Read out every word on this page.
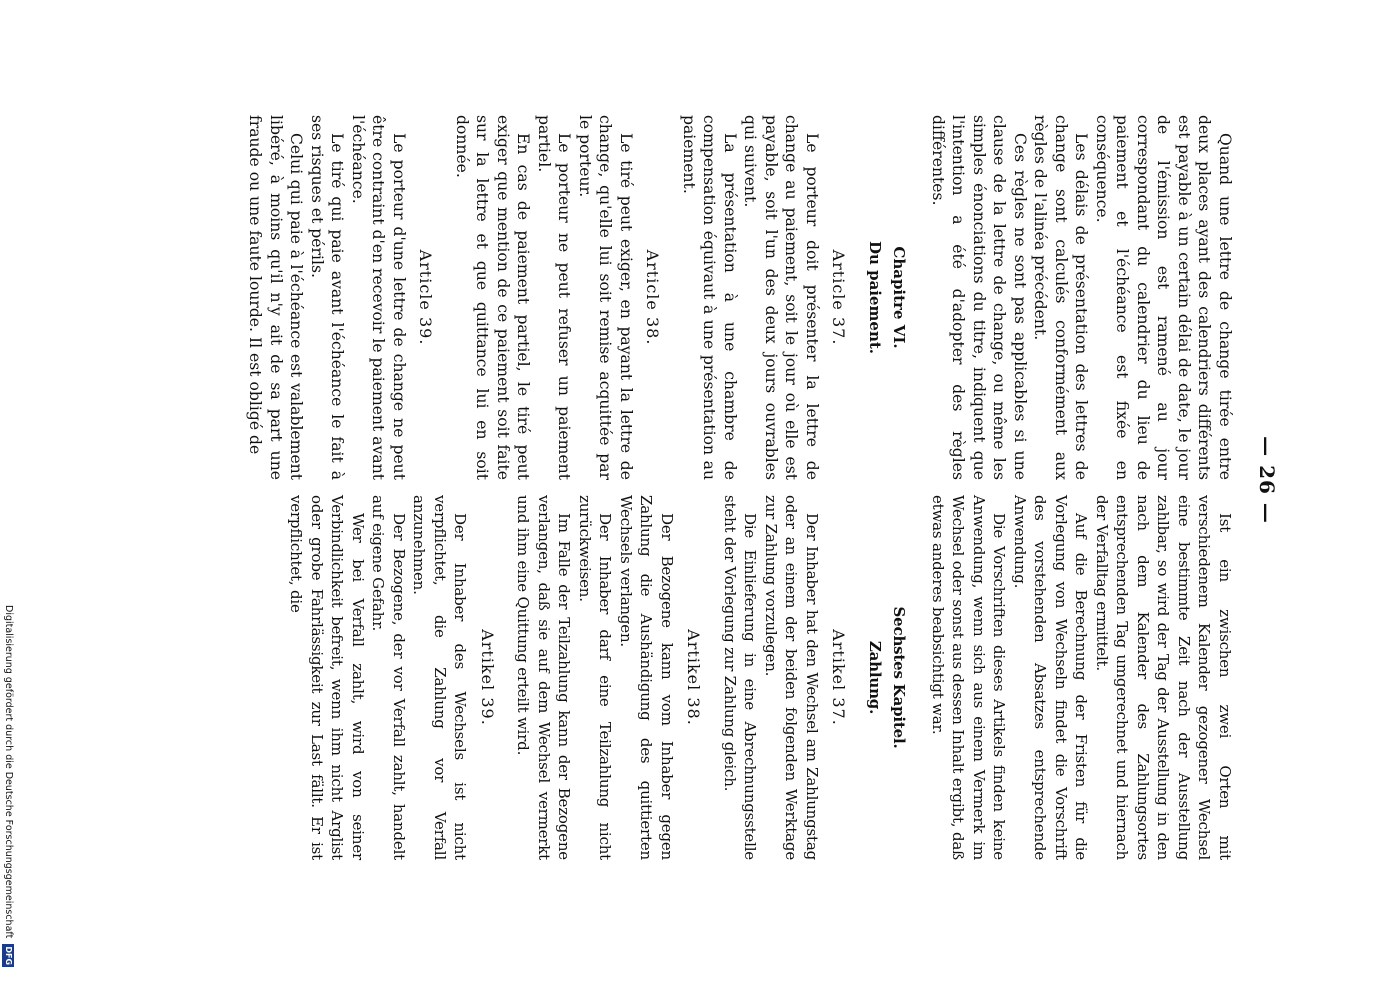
— 26 —

Quand une lettre de change tirée entre deux places ayant des calendriers différents est payable à un certain délai de date, le jour de l'émission est ramené au jour correspondant du calendrier du lieu de paiement et l'échéance est fixée en conséquence.

Les délais de présentation des lettres de change sont calculés conformément aux règles de l'alinéa précédent.

Ces règles ne sont pas applicables si une clause de la lettre de change, ou même les simples énonciations du titre, indiquent que l'intention a été d'adopter des règles différentes.

Chapitre VI.
Du paiement.
Article 37.

Le porteur doit présenter la lettre de change au paiement, soit le jour où elle est payable, soit l'un des deux jours ouvrables qui suivent.

La présentation à une chambre de compensation équivaut à une présentation au paiement.

Article 38.

Le tiré peut exiger, en payant la lettre de change, qu'elle lui soit remise acquittée par le porteur.

Le porteur ne peut refuser un paiement partiel.

En cas de paiement partiel, le tiré peut exiger que mention de ce paiement soit faite sur la lettre et que quittance lui en soit donnée.

Article 39.

Le porteur d'une lettre de change ne peut être contraint d'en recevoir le paiement avant l'échéance.

Le tiré qui paie avant l'échéance le fait à ses risques et périls.

Celui qui paie à l'échéance est valablement libéré, à moins qu'il n'y ait de sa part une fraude ou une faute lourde. Il est obligé de

Ist ein zwischen zwei Orten mit verschiedenem Kalender gezogener Wechsel eine bestimmte Zeit nach der Ausstellung zahlbar, so wird der Tag der Ausstellung in den nach dem Kalender des Zahlungsortes entsprechenden Tag umgerechnet und hiernach der Verfalltag ermittelt.

Auf die Berechnung der Fristen für die Vorlegung von Wechseln findet die Vorschrift des vorstehenden Absatzes entsprechende Anwendung.

Die Vorschriften dieses Artikels finden keine Anwendung, wenn sich aus einem Vermerk im Wechsel oder sonst aus dessen Inhalt ergibt, daß etwas anderes beabsichtigt war.

Sechstes Kapitel.
Zahlung.
Artikel 37.

Der Inhaber hat den Wechsel am Zahlungstag oder an einem der beiden folgenden Werktage zur Zahlung vorzulegen.

Die Einlieferung in eine Abrechnungsstelle steht der Vorlegung zur Zahlung gleich.

Artikel 38.

Der Bezogene kann vom Inhaber gegen Zahlung die Aushändigung des quittierten Wechsels verlangen.

Der Inhaber darf eine Teilzahlung nicht zurückweisen.

Im Falle der Teilzahlung kann der Bezogene verlangen, daß sie auf dem Wechsel vermerkt und ihm eine Quittung erteilt wird.

Artikel 39.

Der Inhaber des Wechsels ist nicht verpflichtet, die Zahlung vor Verfall anzunehmen.

Der Bezogene, der vor Verfall zahlt, handelt auf eigene Gefahr.

Wer bei Verfall zahlt, wird von seiner Verbindlichkeit befreit, wenn ihm nicht Arglist oder grobe Fahrlässigkeit zur Last fällt. Er ist verpflichtet, die

Digitalisierung gefördert durch die Deutsche Forschungsgemeinschaft DFG
